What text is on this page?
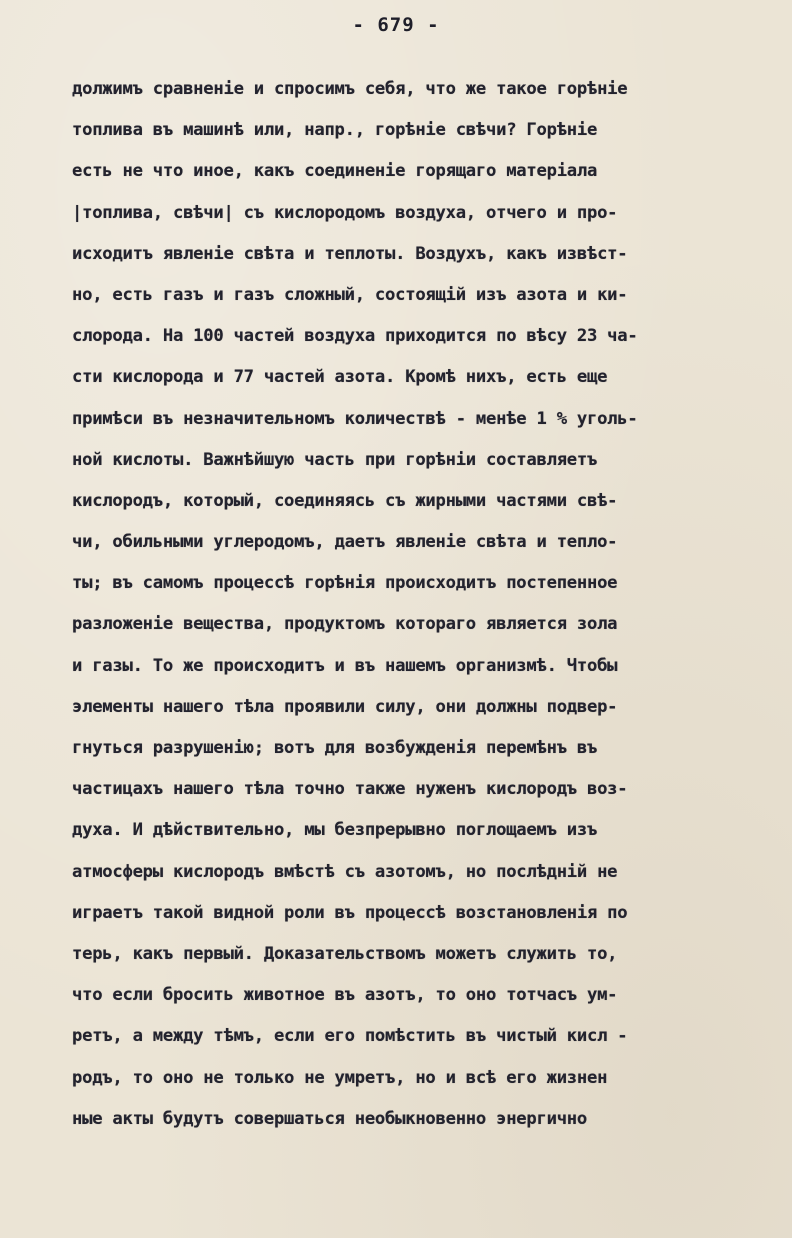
- 679 -
должимъ сравненiе и спросимъ себя, что же такое горѣнiе
топлива въ машинѣ или, напр., горѣнiе свѣчи? Горѣнiе
есть не что иное, какъ соединенiе горящаго матерiала
|топлива, свѣчи| съ кислородомъ воздуха, отчего и про-
исходитъ явленiе свѣта и теплоты. Воздухъ, какъ извѣст-
но, есть газъ и газъ сложный, состоящiй изъ азота и ки-
слорода. На 100 частей воздуха приходится по вѣсу 23 ча-
сти кислорода и 77 частей азота. Кромѣ нихъ, есть еще
примѣси въ незначительномъ количествѣ - менѣе 1 % уголь-
ной кислоты. Важнѣйшую часть при горѣнiи составляетъ
кислородъ, который, соединяясь съ жирными частями свѣ-
чи, обильными углеродомъ, даетъ явленiе свѣта и тепло-
ты; въ самомъ процессѣ горѣнiя происходитъ постепенное
разложенiе вещества, продуктомъ котораго является зола
и газы. То же происходитъ и въ нашемъ организмѣ. Чтобы
элементы нашего тѣла проявили силу, они должны подвер-
гнуться разрушенiю; вотъ для возбужденiя перемѣнъ въ
частицахъ нашего тѣла точно также нуженъ кислородъ воз-
духа. И дѣйствительно, мы безпрерывно поглощаемъ изъ
атмосферы кислородъ вмѣстѣ съ азотомъ, но послѣднiй не
играетъ такой видной роли въ процессѣ возстановленiя по
терь, какъ первый. Доказательствомъ можетъ служить то,
что если бросить животное въ азотъ, то оно тотчасъ ум-
ретъ, а между тѣмъ, если его помѣстить въ чистый кисл -
родъ, то оно не только не умретъ, но и всѣ его жизнен
ные акты будутъ совершаться необыкновенно энергично
